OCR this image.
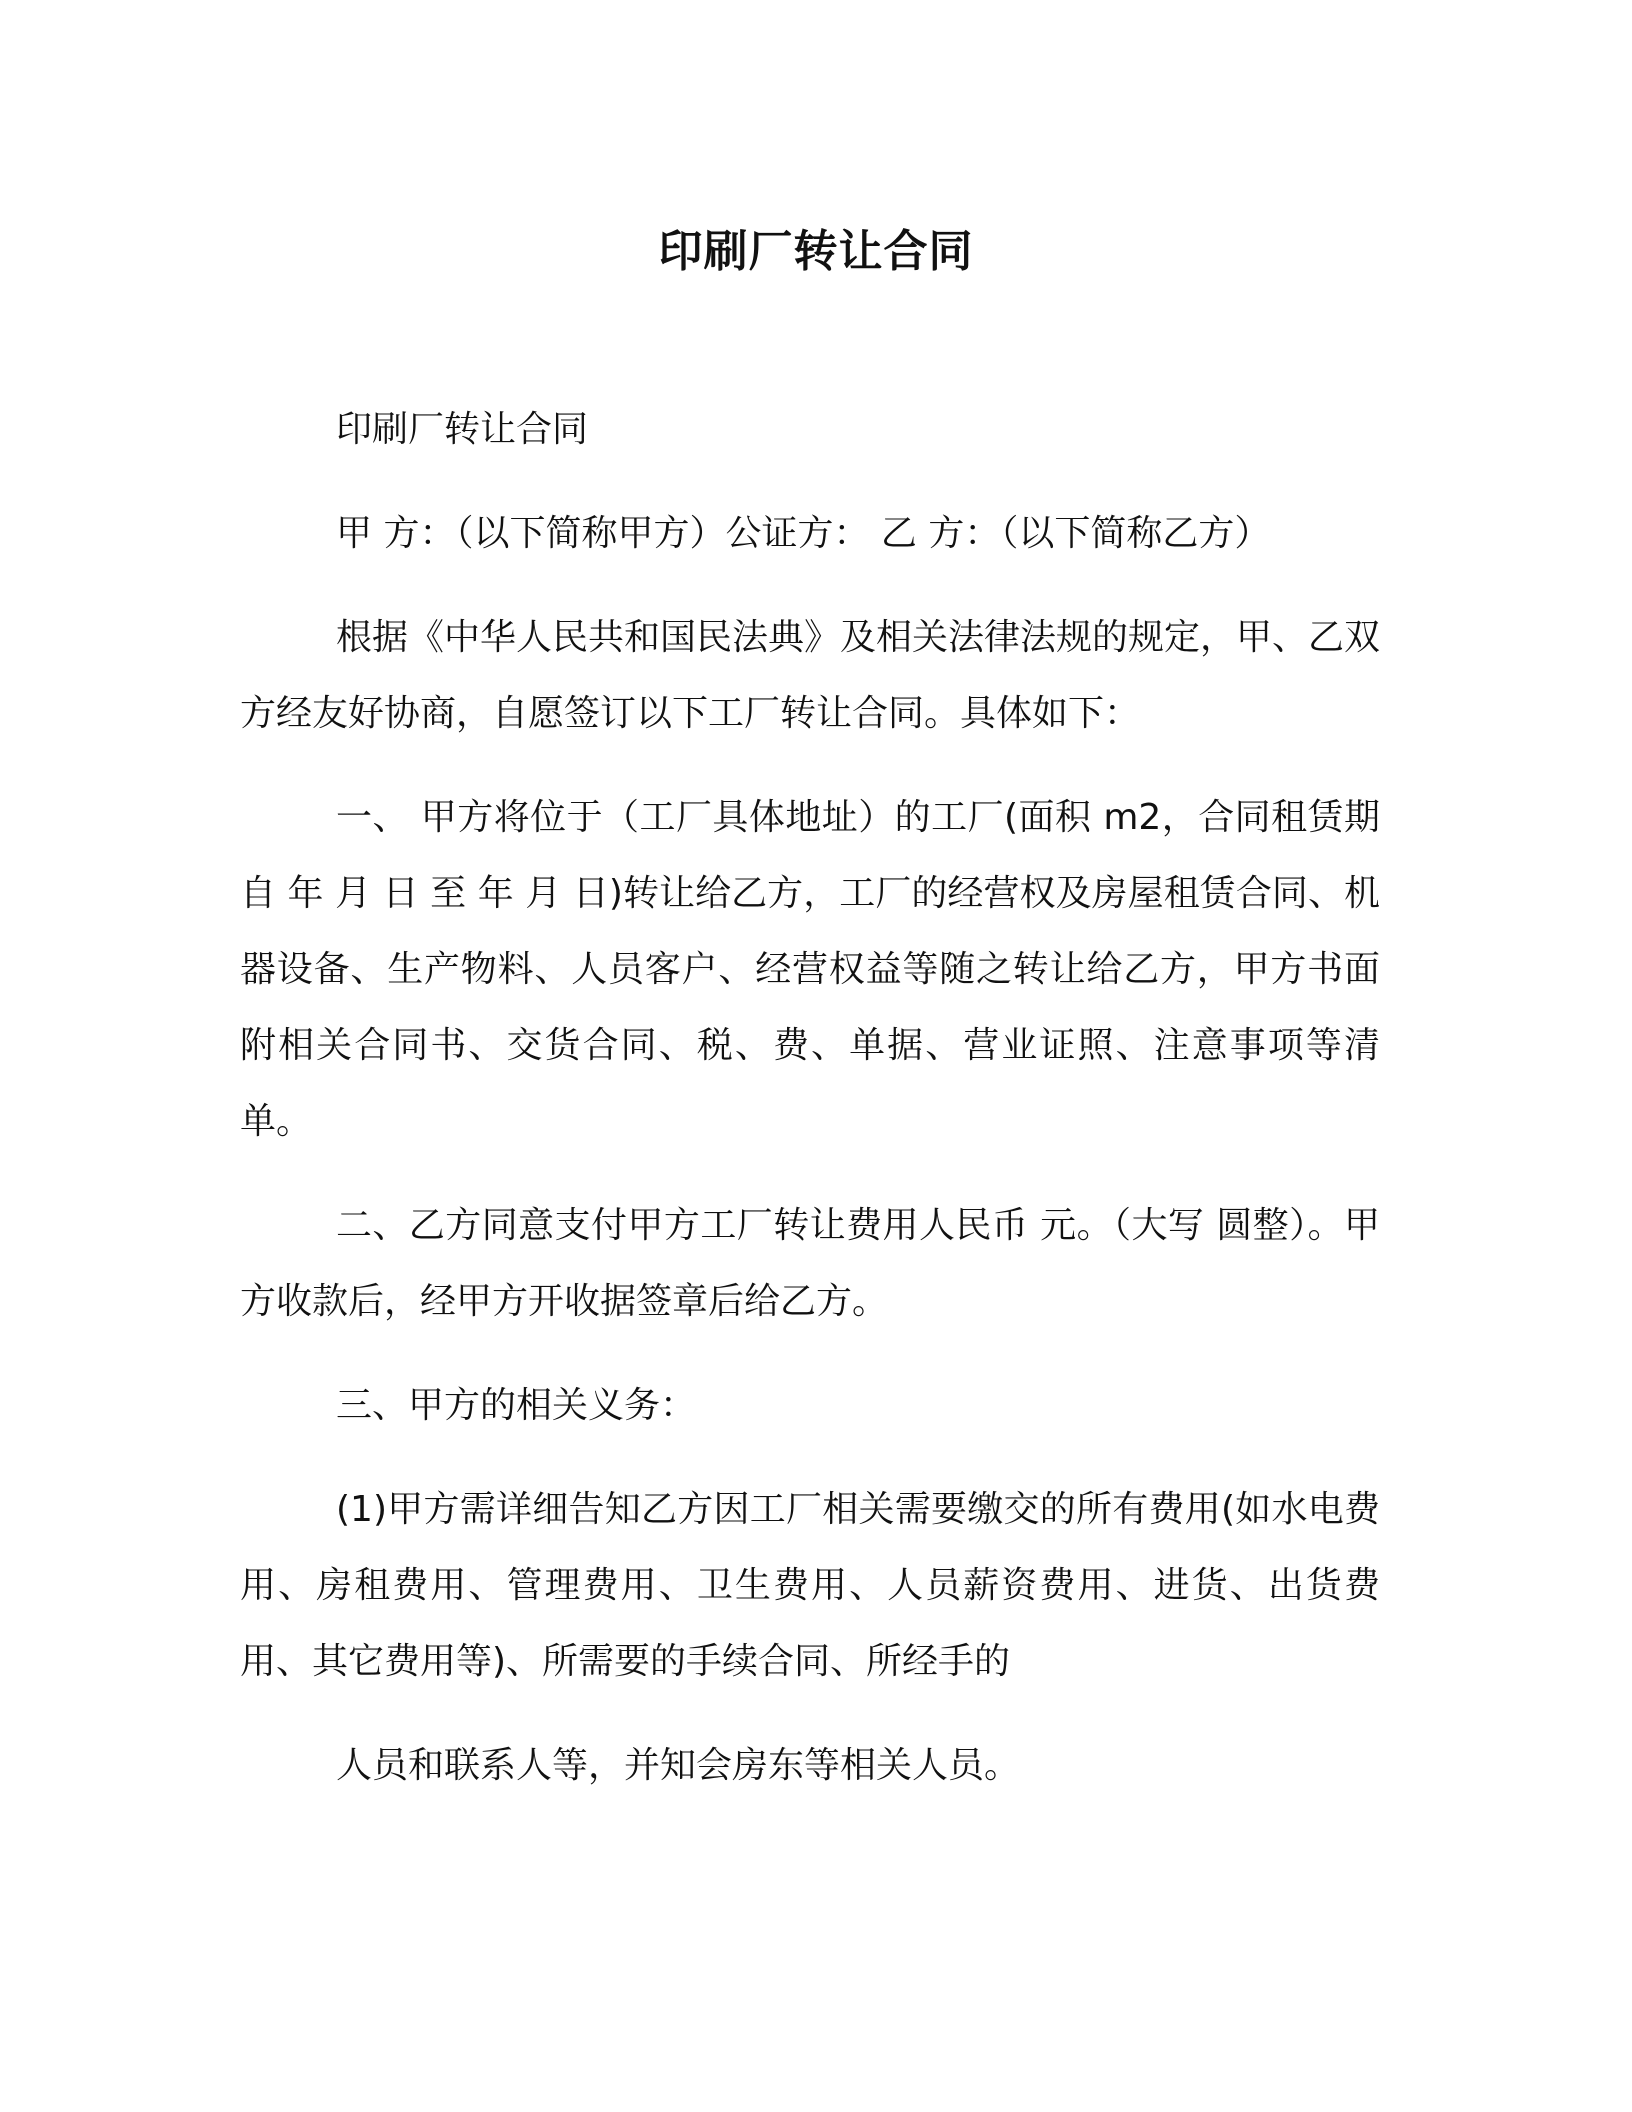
印刷厂转让合同

印刷厂转让合同

甲 方：（以下简称甲方）公证方： 乙 方：（以下简称乙方）

根据《中华人民共和国民法典》及相关法律法规的规定，甲、乙双方经友好协商，自愿签订以下工厂转让合同。具体如下：

一、 甲方将位于（工厂具体地址）的工厂(面积 m2，合同租赁期自 年 月 日 至 年 月 日)转让给乙方，工厂的经营权及房屋租赁合同、机器设备、生产物料、人员客户、经营权益等随之转让给乙方，甲方书面附相关合同书、交货合同、税、费、单据、营业证照、注意事项等清单。

二、乙方同意支付甲方工厂转让费用人民币 元。（大写 圆整）。甲方收款后，经甲方开收据签章后给乙方。

三、甲方的相关义务：

(1)甲方需详细告知乙方因工厂相关需要缴交的所有费用(如水电费用、房租费用、管理费用、卫生费用、人员薪资费用、进货、出货费用、其它费用等)、所需要的手续合同、所经手的

人员和联系人等，并知会房东等相关人员。
